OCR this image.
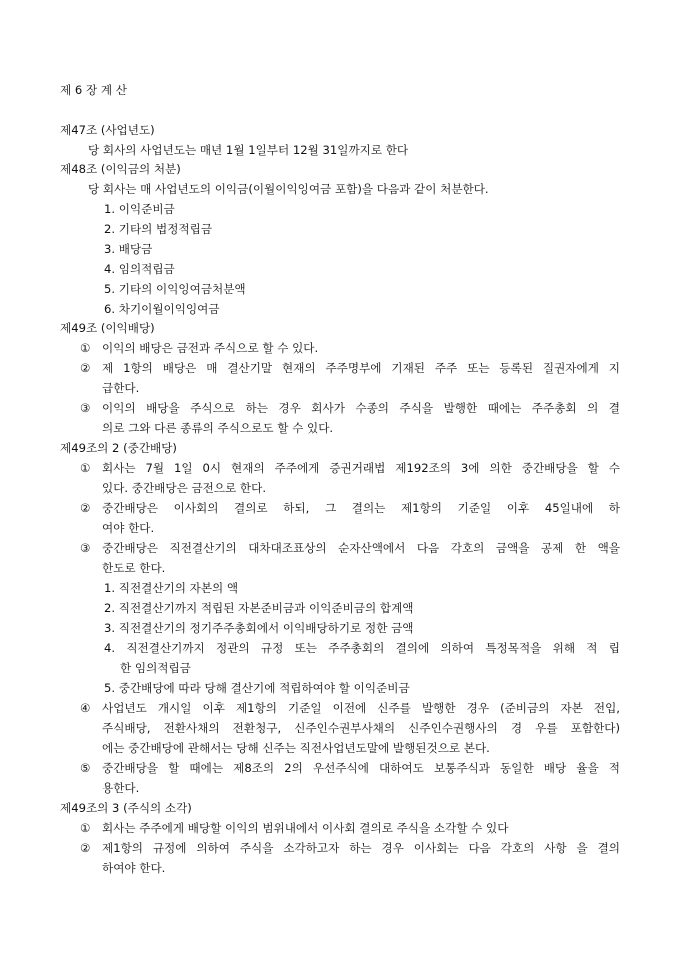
제 6 장 계 산
제47조 (사업년도)
당 회사의 사업년도는 매년 1월 1일부터 12월 31일까지로 한다
제48조 (이익금의 처분)
당 회사는 매 사업년도의 이익금(이월이익잉여금 포함)을 다음과 같이 처분한다.
1. 이익준비금
2. 기타의 법정적립금
3. 배당금
4. 임의적립금
5. 기타의 이익잉여금처분액
6. 차기이월이익잉여금
제49조 (이익배당)
① 이익의 배당은 금전과 주식으로 할 수 있다.
② 제 1항의 배당은 매 결산기말 현재의 주주명부에 기재된 주주 또는 등록된 질권자에게 지
급한다.
③ 이익의 배당을 주식으로 하는 경우 회사가 수종의 주식을 발행한 때에는 주주총회 의 결
의로 그와 다른 종류의 주식으로도 할 수 있다.
제49조의 2 (중간배당)
① 회사는 7월 1일 0시 현재의 주주에게 증권거래법 제192조의 3에 의한 중간배당을 할 수
있다. 중간배당은 금전으로 한다.
② 중간배당은 이사회의 결의로 하되, 그 결의는 제1항의 기준일 이후 45일내에 하
여야 한다.
③ 중간배당은 직전결산기의 대차대조표상의 순자산액에서 다음 각호의 금액을 공제 한 액을
한도로 한다.
1. 직전결산기의 자본의 액
2. 직전결산기까지 적립된 자본준비금과 이익준비금의 합계액
3. 직전결산기의 정기주주총회에서 이익배당하기로 정한 금액
4. 직전결산기까지 정관의 규정 또는 주주총회의 결의에 의하여 특정목적을 위해 적 립
한 임의적립금
5. 중간배당에 따라 당해 결산기에 적립하여야 할 이익준비금
④ 사업년도 개시일 이후 제1항의 기준일 이전에 신주를 발행한 경우 (준비금의 자본 전입,
주식배당, 전환사채의 전환청구, 신주인수권부사채의 신주인수권행사의 경 우를 포함한다)
에는 중간배당에 관해서는 당해 신주는 직전사업년도말에 발행된것으로 본다.
⑤ 중간배당을 할 때에는 제8조의 2의 우선주식에 대하여도 보통주식과 동일한 배당 율을 적
용한다.
제49조의 3 (주식의 소각)
① 회사는 주주에게 배당할 이익의 범위내에서 이사회 결의로 주식을 소각할 수 있다
② 제1항의 규정에 의하여 주식을 소각하고자 하는 경우 이사회는 다음 각호의 사항 을 결의
하여야 한다.
